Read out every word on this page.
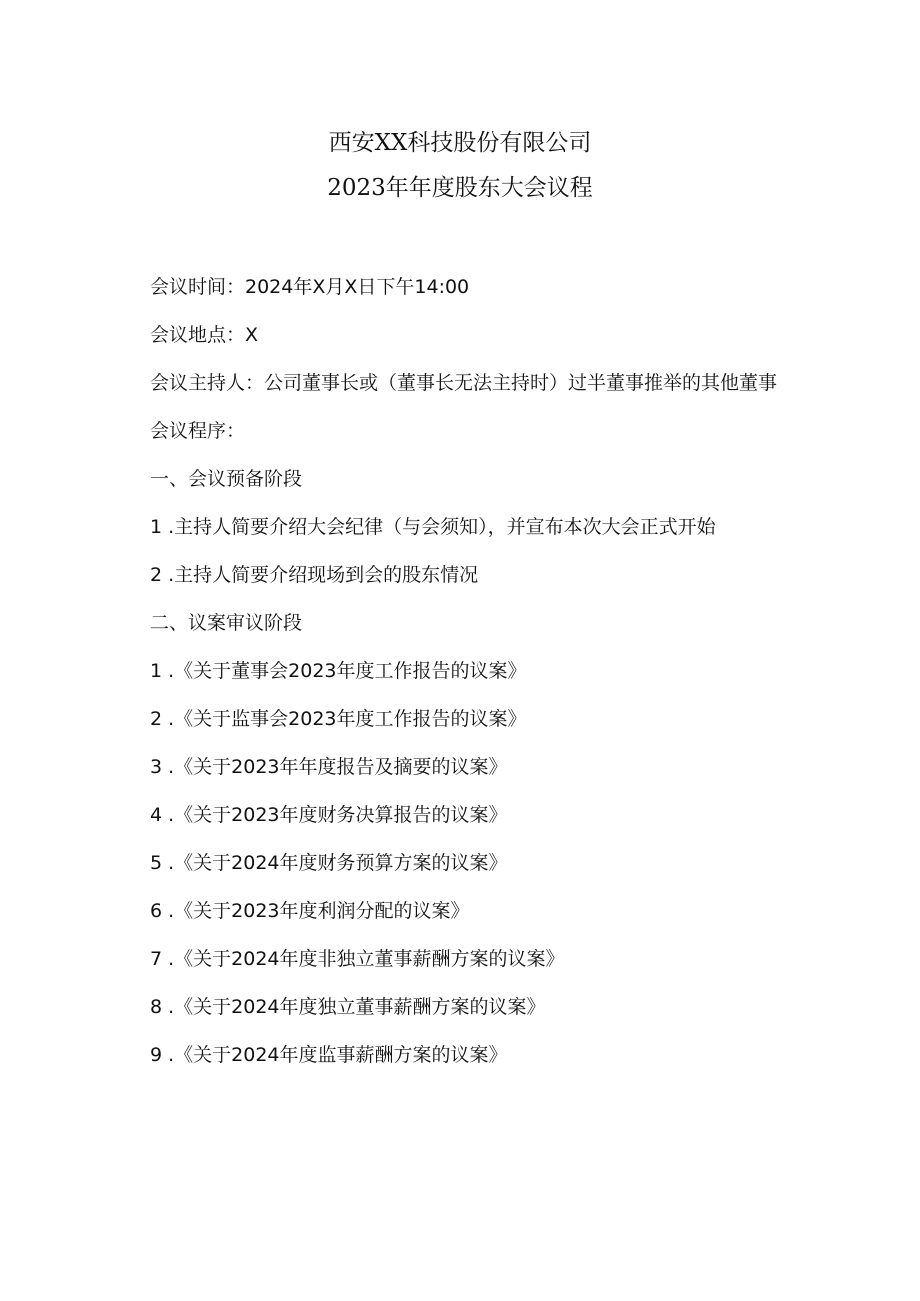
西安XX科技股份有限公司
2023年年度股东大会议程

会议时间：2024年X月X日下午14:00

会议地点：X

会议主持人：公司董事长或（董事长无法主持时）过半董事推举的其他董事

会议程序：

一、会议预备阶段

1 .主持人简要介绍大会纪律（与会须知），并宣布本次大会正式开始

2 .主持人简要介绍现场到会的股东情况

二、议案审议阶段

1 .《关于董事会2023年度工作报告的议案》

2 .《关于监事会2023年度工作报告的议案》

3 .《关于2023年年度报告及摘要的议案》

4 .《关于2023年度财务决算报告的议案》

5 .《关于2024年度财务预算方案的议案》

6 .《关于2023年度利润分配的议案》

7 .《关于2024年度非独立董事薪酬方案的议案》

8 .《关于2024年度独立董事薪酬方案的议案》

9 .《关于2024年度监事薪酬方案的议案》
